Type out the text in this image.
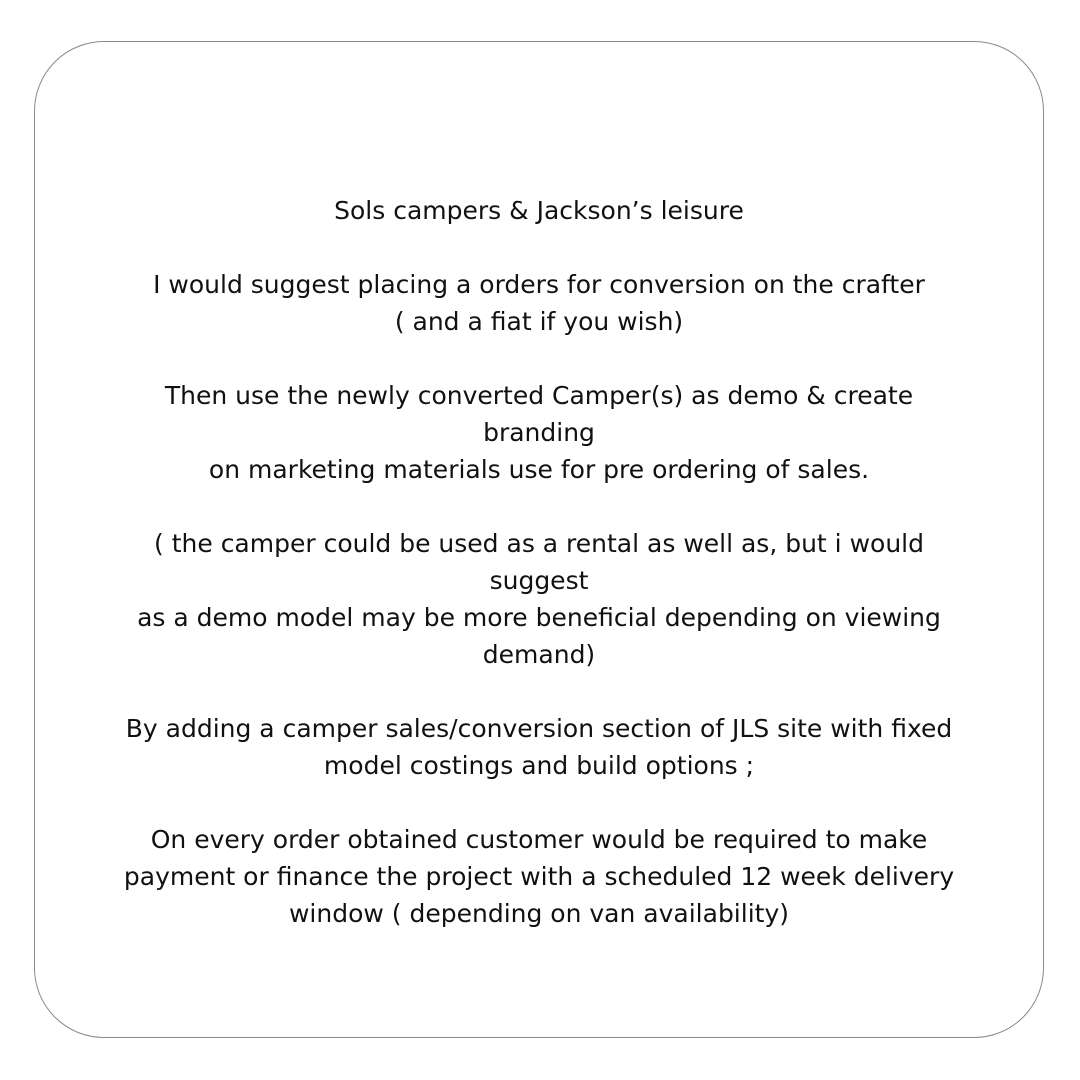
Sols campers & Jackson’s leisure

I would suggest placing a orders for conversion on the crafter
( and a fiat if you wish)

Then use the newly converted Camper(s) as demo & create
branding
on marketing materials use for pre ordering of sales.

( the camper could be used as a rental as well as, but i would
suggest
as a demo model may be more beneficial depending on viewing
demand)

By adding a camper sales/conversion section of JLS site with fixed
model costings and build options ;

On every order obtained customer would be required to make
payment or finance the project with a scheduled 12 week delivery
window ( depending on van availability)
